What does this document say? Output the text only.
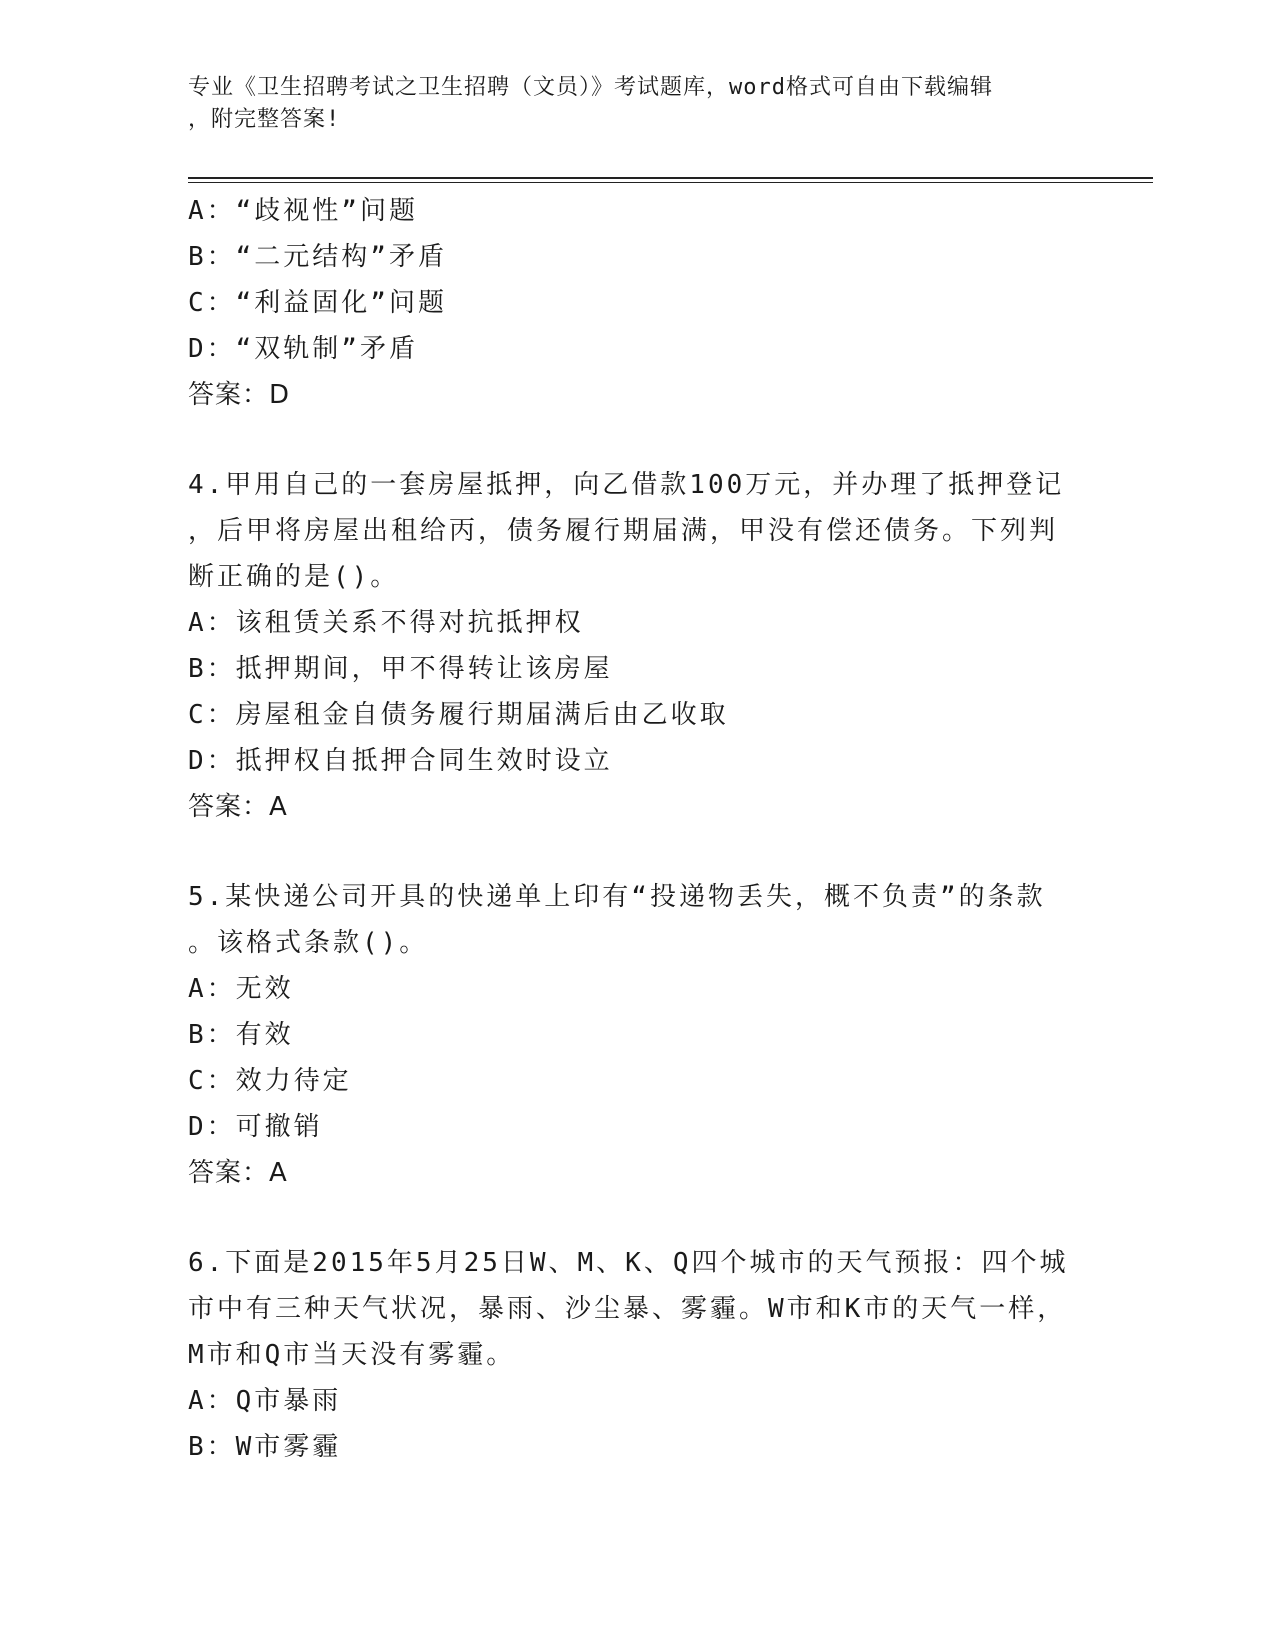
专业《卫生招聘考试之卫生招聘（文员）》考试题库，word格式可自由下载编辑
，附完整答案!
A：“歧视性”问题
B：“二元结构”矛盾
C：“利益固化”问题
D：“双轨制”矛盾
答案：D
4.甲用自己的一套房屋抵押，向乙借款100万元，并办理了抵押登记
，后甲将房屋出租给丙，债务履行期届满，甲没有偿还债务。下列判
断正确的是()。
A：该租赁关系不得对抗抵押权
B：抵押期间，甲不得转让该房屋
C：房屋租金自债务履行期届满后由乙收取
D：抵押权自抵押合同生效时设立
答案：A
5.某快递公司开具的快递单上印有“投递物丢失，概不负责”的条款
。该格式条款()。
A：无效
B：有效
C：效力待定
D：可撤销
答案：A
6.下面是2015年5月25日W、M、K、Q四个城市的天气预报：四个城
市中有三种天气状况，暴雨、沙尘暴、雾霾。W市和K市的天气一样，
M市和Q市当天没有雾霾。
A：Q市暴雨
B：W市雾霾
